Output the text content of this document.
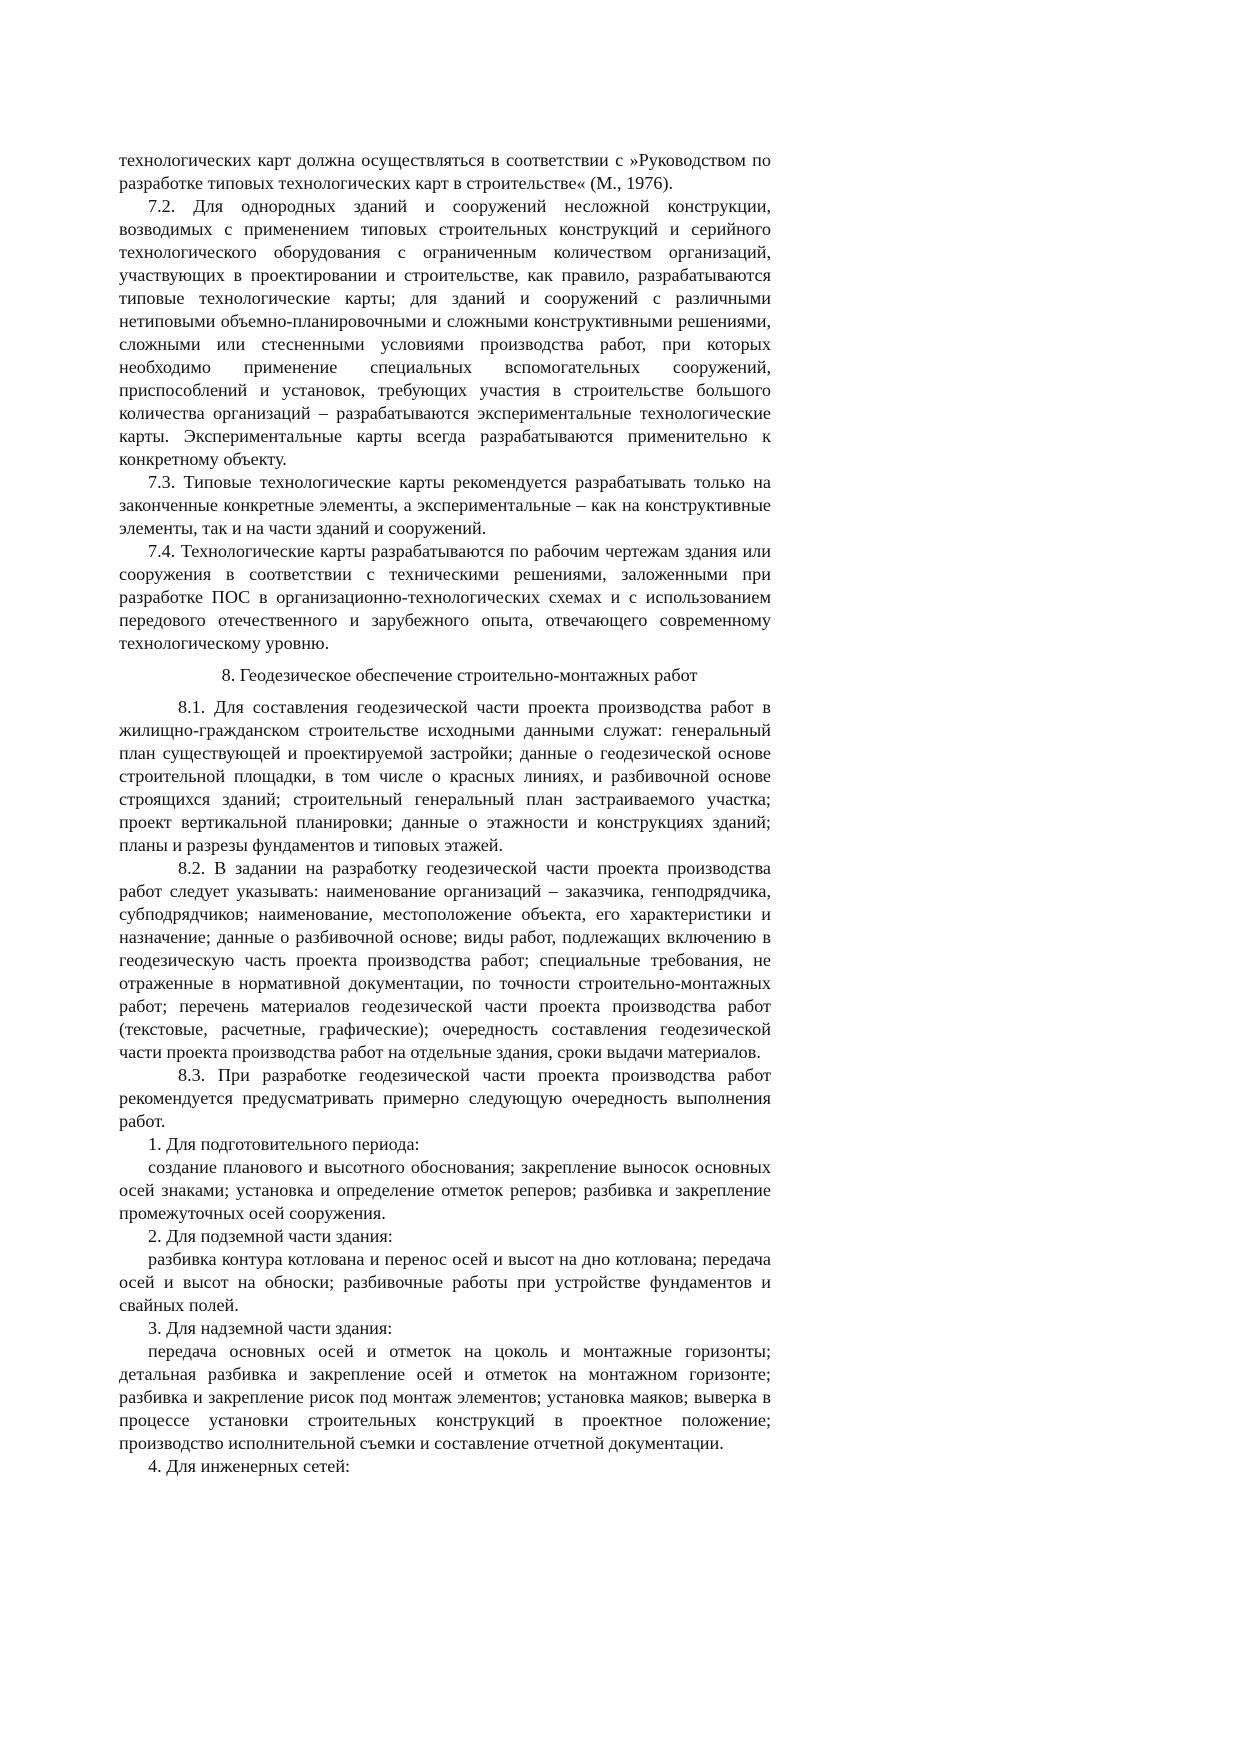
технологических карт должна осуществляться в соответствии с »Руководством по разработке типовых технологических карт в строительстве« (М., 1976).

7.2. Для однородных зданий и сооружений несложной конструкции, возводимых с применением типовых строительных конструкций и серийного технологического оборудования с ограниченным количеством организаций, участвующих в проектировании и строительстве, как правило, разрабатываются типовые технологические карты; для зданий и сооружений с различными нетиповыми объемно-планировочными и сложными конструктивными решениями, сложными или стесненными условиями производства работ, при которых необходимо применение специальных вспомогательных сооружений, приспособлений и установок, требующих участия в строительстве большого количества организаций – разрабатываются экспериментальные технологические карты. Экспериментальные карты всегда разрабатываются применительно к конкретному объекту.

7.3. Типовые технологические карты рекомендуется разрабатывать только на законченные конкретные элементы, а экспериментальные – как на конструктивные элементы, так и на части зданий и сооружений.

7.4. Технологические карты разрабатываются по рабочим чертежам здания или сооружения в соответствии с техническими решениями, заложенными при разработке ПОС в организационно-технологических схемах и с использованием передового отечественного и зарубежного опыта, отвечающего современному технологическому уровню.

8. Геодезическое обеспечение строительно-монтажных работ

8.1. Для составления геодезической части проекта производства работ в жилищно-гражданском строительстве исходными данными служат: генеральный план существующей и проектируемой застройки; данные о геодезической основе строительной площадки, в том числе о красных линиях, и разбивочной основе строящихся зданий; строительный генеральный план застраиваемого участка; проект вертикальной планировки; данные о этажности и конструкциях зданий; планы и разрезы фундаментов и типовых этажей.

8.2. В задании на разработку геодезической части проекта производства работ следует указывать: наименование организаций – заказчика, генподрядчика, субподрядчиков; наименование, местоположение объекта, его характеристики и назначение; данные о разбивочной основе; виды работ, подлежащих включению в геодезическую часть проекта производства работ; специальные требования, не отраженные в нормативной документации, по точности строительно-монтажных работ; перечень материалов геодезической части проекта производства работ (текстовые, расчетные, графические); очередность составления геодезической части проекта производства работ на отдельные здания, сроки выдачи материалов.

8.3. При разработке геодезической части проекта производства работ рекомендуется предусматривать примерно следующую очередность выполнения работ.

1. Для подготовительного периода:

создание планового и высотного обоснования; закрепление выносок основных осей знаками; установка и определение отметок реперов; разбивка и закрепление промежуточных осей сооружения.

2. Для подземной части здания:

разбивка контура котлована и перенос осей и высот на дно котлована; передача осей и высот на обноски; разбивочные работы при устройстве фундаментов и свайных полей.

3. Для надземной части здания:

передача основных осей и отметок на цоколь и монтажные горизонты; детальная разбивка и закрепление осей и отметок на монтажном горизонте; разбивка и закрепление рисок под монтаж элементов; установка маяков; выверка в процессе установки строительных конструкций в проектное положение; производство исполнительной съемки и составление отчетной документации.

4. Для инженерных сетей:
